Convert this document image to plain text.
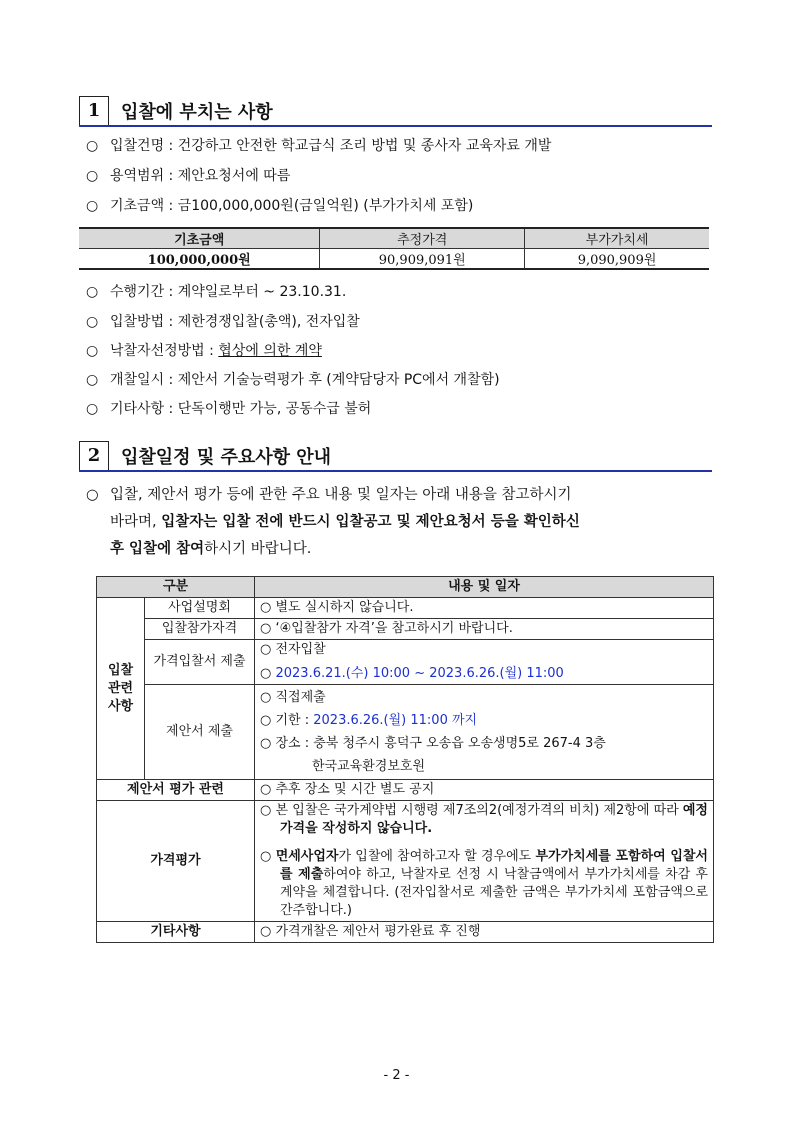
1	입찰에 부치는 사항
○ 입찰건명 : 건강하고 안전한 학교급식 조리 방법 및 종사자 교육자료 개발
○ 용역범위 : 제안요청서에 따름
○ 기초금액 : 금100,000,000원(금일억원) (부가가치세 포함)
기초금액	추정가격	부가가치세
100,000,000원	90,909,091원	9,090,909원
○ 수행기간 : 계약일로부터 ~ 23.10.31.
○ 입찰방법 : 제한경쟁입찰(총액), 전자입찰
○ 낙찰자선정방법 : 협상에 의한 계약
○ 개찰일시 : 제안서 기술능력평가 후 (계약담당자 PC에서 개찰함)
○ 기타사항 : 단독이행만 가능, 공동수급 불허
2	입찰일정 및 주요사항 안내
○ 입찰, 제안서 평가 등에 관한 주요 내용 및 일자는 아래 내용을 참고하시기
바라며, 입찰자는 입찰 전에 반드시 입찰공고 및 제안요청서 등을 확인하신
후 입찰에 참여하시기 바랍니다.
구분		내용 및 일자
입찰 관련 사항	사업설명회	○ 별도 실시하지 않습니다.
	입찰참가자격	○ ‘④입찰참가 자격’을 참고하시기 바랍니다.
	가격입찰서 제출	○ 전자입찰
		○ 2023.6.21.(수) 10:00 ~ 2023.6.26.(월) 11:00
	제안서 제출	○ 직접제출
○ 기한 : 2023.6.26.(월) 11:00 까지
○ 장소 : 충북 청주시 흥덕구 오송읍 오송생명5로 267-4 3층
한국교육환경보호원

제안서 평가 관련		○ 추후 장소 및 시간 별도 공지
가격평가		○ 본 입찰은 국가계약법 시행령 제7조의2(예정가격의 비치) 제2항에 따라 예정가격을 작성하지 않습니다.
○ 면세사업자가 입찰에 참여하고자 할 경우에도 부가가치세를 포함하여 입찰서를 제출하여야 하고, 낙찰자로 선정 시 낙찰금액에서 부가가치세를 차감 후 계약을 체결합니다. (전자입찰서로 제출한 금액은 부가가치세 포함금액으로 간주합니다.)

기타사항		○ 가격개찰은 제안서 평가완료 후 진행
- 2 -
